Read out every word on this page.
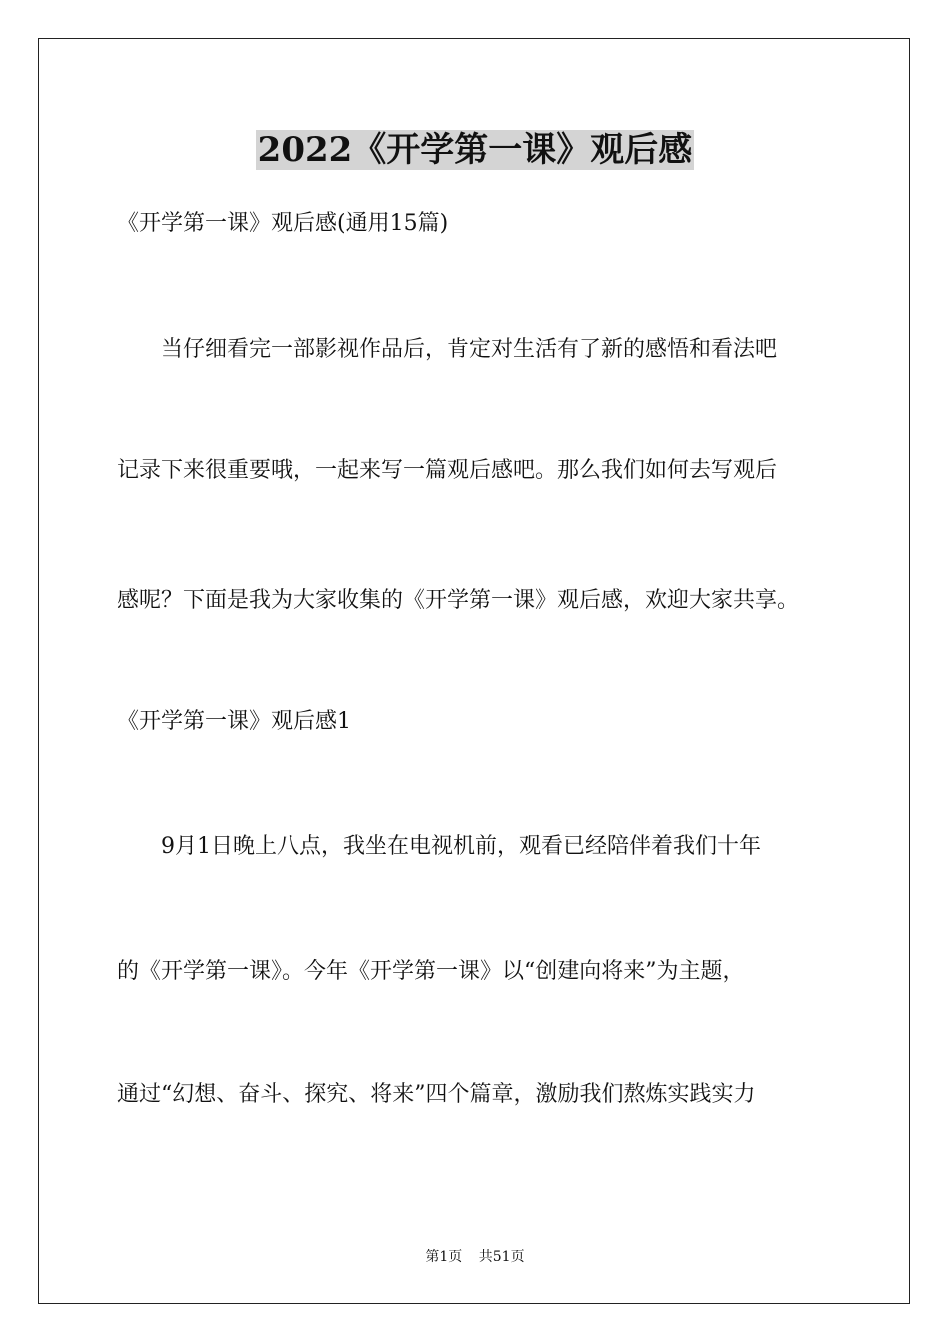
2022《开学第一课》观后感

《开学第一课》观后感(通用15篇)

当仔细看完一部影视作品后，肯定对生活有了新的感悟和看法吧

记录下来很重要哦，一起来写一篇观后感吧。那么我们如何去写观后

感呢？下面是我为大家收集的《开学第一课》观后感，欢迎大家共享。

《开学第一课》观后感1

9月1日晚上八点，我坐在电视机前，观看已经陪伴着我们十年

的《开学第一课》。今年《开学第一课》以“创建向将来”为主题，

通过“幻想、奋斗、探究、将来”四个篇章，激励我们熬炼实践实力

第1页 共51页
